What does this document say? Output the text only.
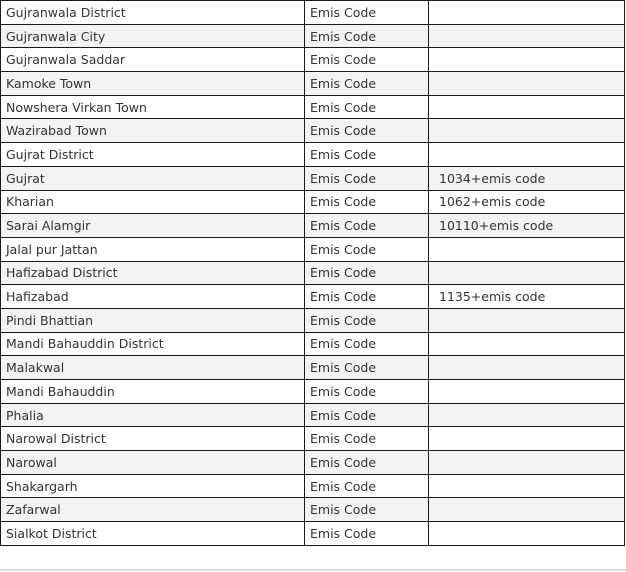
Gujranwala District	Emis Code	
Gujranwala City	Emis Code	
Gujranwala Saddar	Emis Code	
Kamoke Town	Emis Code	
Nowshera Virkan Town	Emis Code	
Wazirabad Town	Emis Code	
Gujrat District	Emis Code	
Gujrat	Emis Code	1034+emis code
Kharian	Emis Code	1062+emis code
Sarai Alamgir	Emis Code	10110+emis code
Jalal pur Jattan	Emis Code	
Hafizabad District	Emis Code	
Hafizabad	Emis Code	1135+emis code
Pindi Bhattian	Emis Code	
Mandi Bahauddin District	Emis Code	
Malakwal	Emis Code	
Mandi Bahauddin	Emis Code	
Phalia	Emis Code	
Narowal District	Emis Code	
Narowal	Emis Code	
Shakargarh	Emis Code	
Zafarwal	Emis Code	
Sialkot District	Emis Code	
